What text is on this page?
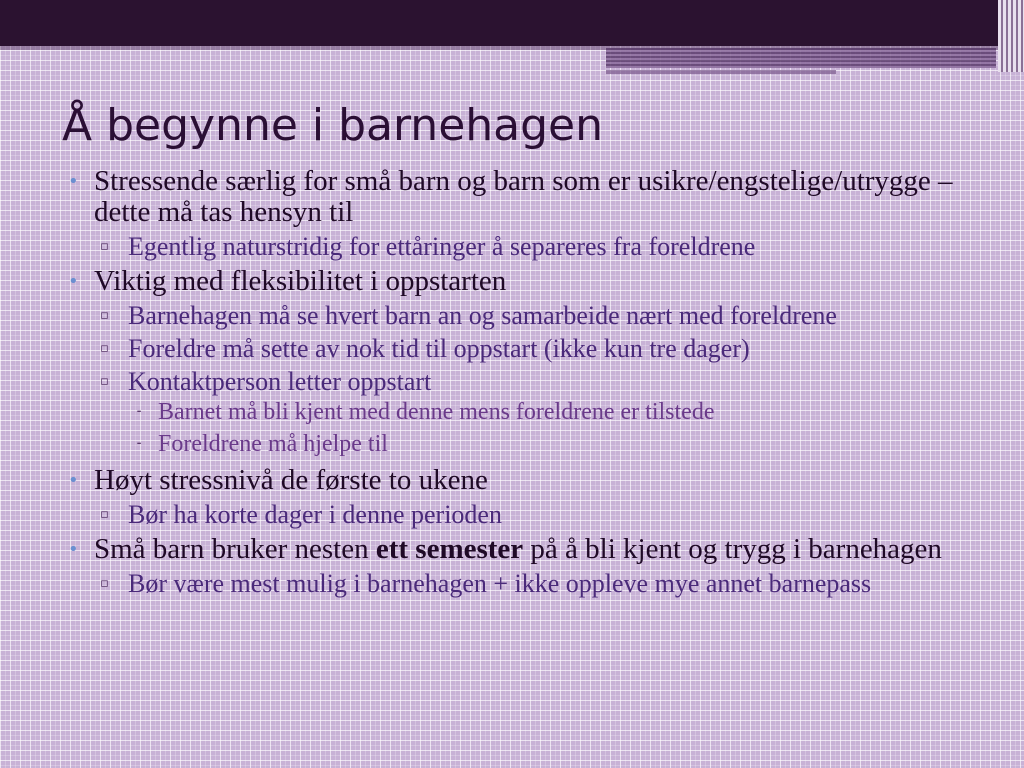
Å begynne i barnehagen
• Stressende særlig for små barn og barn som er usikre/engstelige/utrygge – dette må tas hensyn til
▫ Egentlig naturstridig for ettåringer å separeres fra foreldrene
• Viktig med fleksibilitet i oppstarten
▫ Barnehagen må se hvert barn an og samarbeide nært med foreldrene
▫ Foreldre må sette av nok tid til oppstart (ikke kun tre dager)
▫ Kontaktperson letter oppstart
⁃ Barnet må bli kjent med denne mens foreldrene er tilstede
⁃ Foreldrene må hjelpe til
• Høyt stressnivå de første to ukene
▫ Bør ha korte dager i denne perioden
• Små barn bruker nesten ett semester på å bli kjent og trygg i barnehagen
▫ Bør være mest mulig i barnehagen + ikke oppleve mye annet barnepass
